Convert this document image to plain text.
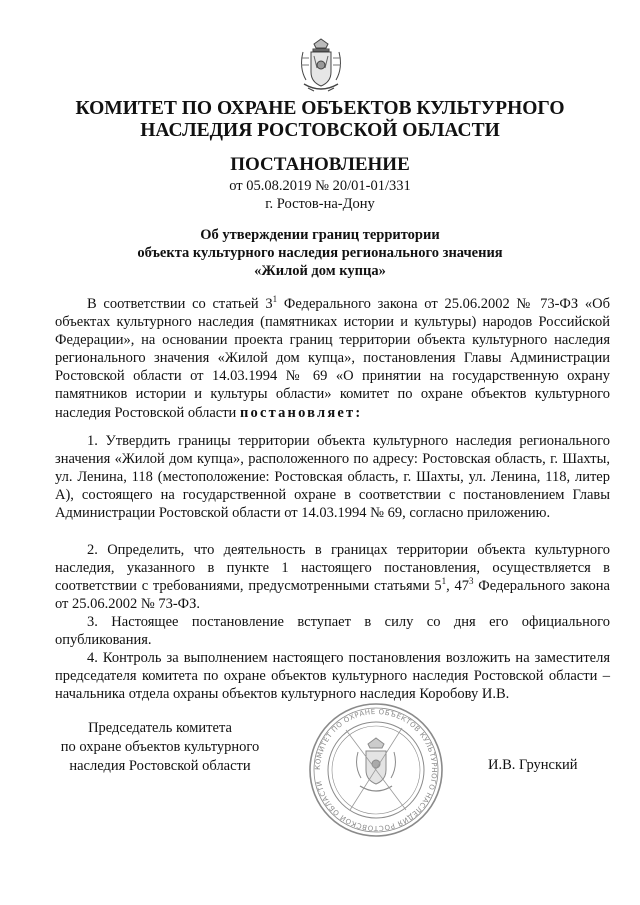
КОМИТЕТ ПО ОХРАНЕ ОБЪЕКТОВ КУЛЬТУРНОГО
НАСЛЕДИЯ РОСТОВСКОЙ ОБЛАСТИ
ПОСТАНОВЛЕНИЕ
от 05.08.2019 № 20/01-01/331
г. Ростов-на-Дону
Об утверждении границ территории
объекта культурного наследия регионального значения
«Жилой дом купца»
В соответствии со статьей $3^1$ Федерального закона от 25.06.2002 № 73-ФЗ «Об объектах культурного наследия (памятниках истории и культуры) народов Российской Федерации», на основании проекта границ территории объекта культурного наследия регионального значения «Жилой дом купца», постановления Главы Администрации Ростовской области от 14.03.1994 № 69 «О принятии на государственную охрану памятников истории и культуры области» комитет по охране объектов культурного наследия Ростовской области постановляет:
1. Утвердить границы территории объекта культурного наследия регионального значения «Жилой дом купца», расположенного по адресу: Ростовская область, г. Шахты, ул. Ленина, 118 (местоположение: Ростовская область, г. Шахты, ул. Ленина, 118, литер А), состоящего на государственной охране в соответствии с постановлением Главы Администрации Ростовской области от 14.03.1994 № 69, согласно приложению.
2. Определить, что деятельность в границах территории объекта культурного наследия, указанного в пункте 1 настоящего постановления, осуществляется в соответствии с требованиями, предусмотренными статьями $5^1$, $47^3$ Федерального закона от 25.06.2002 № 73-ФЗ.
3. Настоящее постановление вступает в силу со дня его официального опубликования.
4. Контроль за выполнением настоящего постановления возложить на заместителя председателя комитета по охране объектов культурного наследия Ростовской области – начальника отдела охраны объектов культурного наследия Коробову И.В.
Председатель комитета
по охране объектов культурного
наследия Ростовской области	КОМИТЕТ ПО ОХРАНЕ ОБЪЕКТОВ КУЛЬТУРНОГО НАСЛЕДИЯ РОСТОВСКОЙ ОБЛАСТИ
И.В. Грунский
